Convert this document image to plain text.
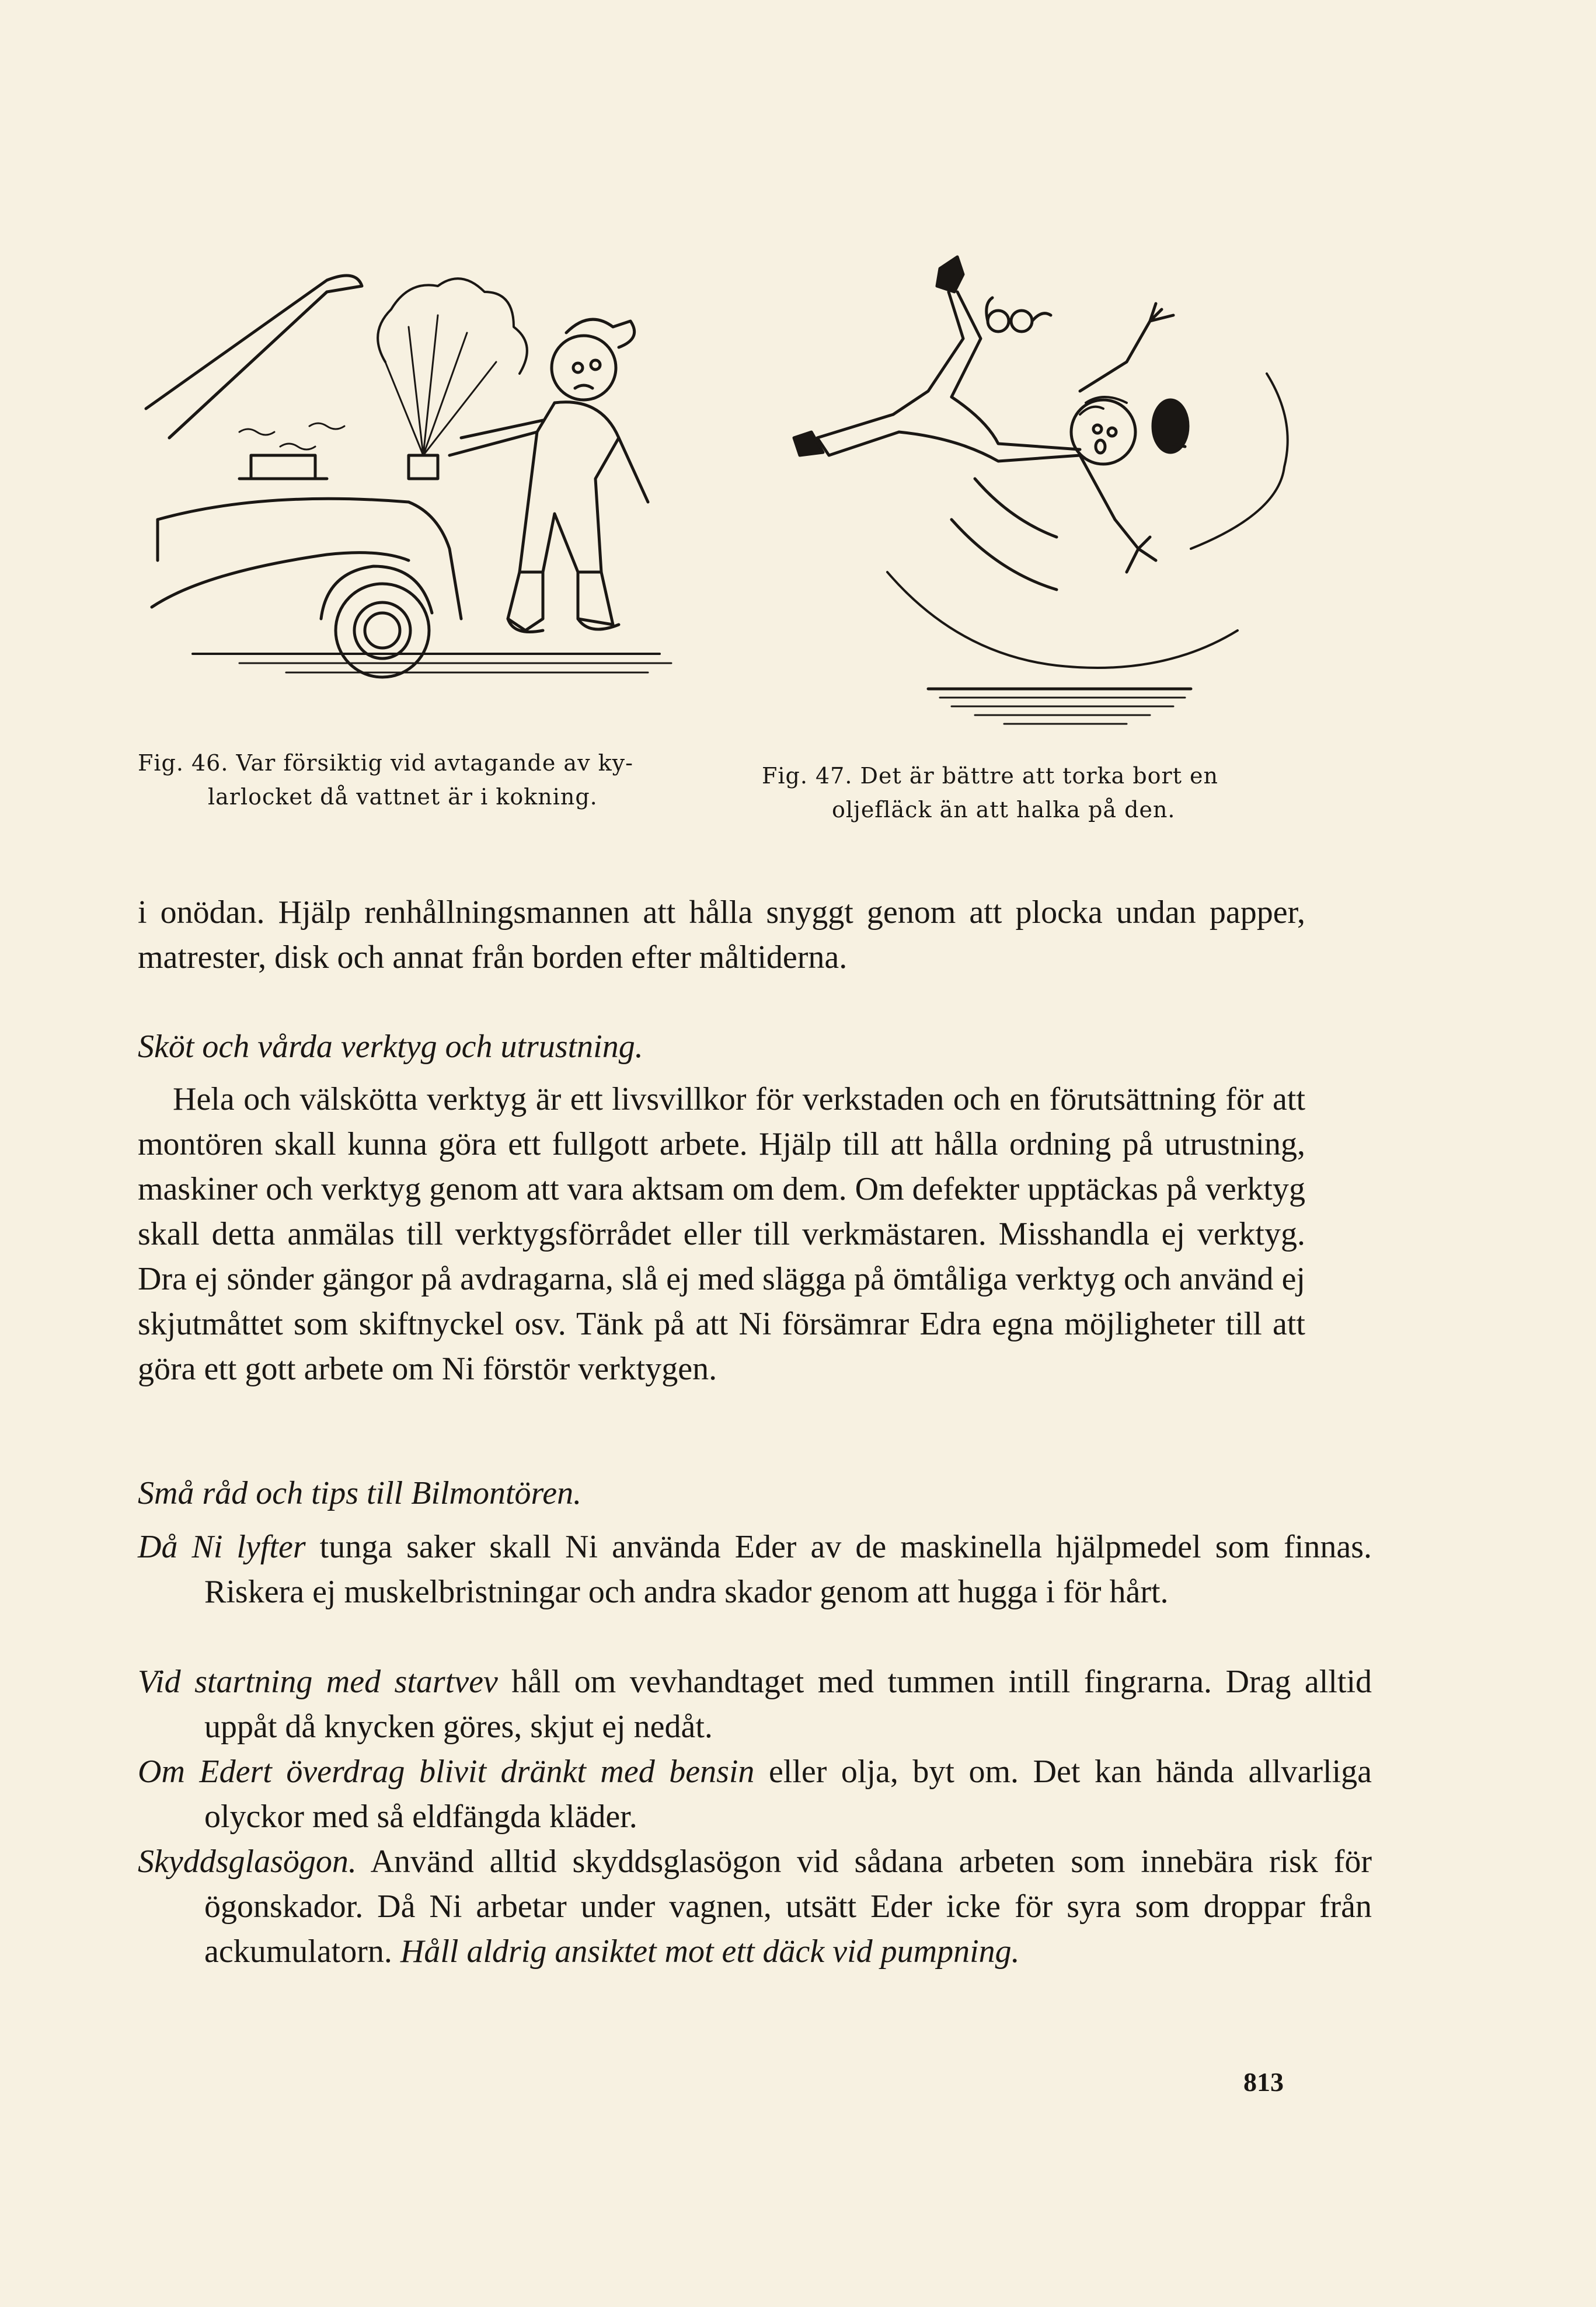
Fig. 46. Var försiktig vid avtagande av ky-
larlocket då vattnet är i kokning.

Fig. 47. Det är bättre att torka bort en
oljefläck än att halka på den.

i onödan. Hjälp renhållningsmannen att hålla snyggt genom att plocka undan papper, matrester, disk och annat från borden efter måltiderna.

Sköt och vårda verktyg och utrustning.

Hela och välskötta verktyg är ett livsvillkor för verkstaden och en förutsättning för att montören skall kunna göra ett fullgott arbete. Hjälp till att hålla ordning på utrustning, maskiner och verktyg genom att vara aktsam om dem. Om defekter upptäckas på verktyg skall detta anmälas till verktygsförrådet eller till verkmästaren. Misshandla ej verktyg. Dra ej sönder gängor på avdragarna, slå ej med slägga på ömtåliga verktyg och använd ej skjutmåttet som skiftnyckel osv. Tänk på att Ni försämrar Edra egna möjligheter till att göra ett gott arbete om Ni förstör verktygen.

Små råd och tips till Bilmontören.

Då Ni lyfter tunga saker skall Ni använda Eder av de maskinella hjälpmedel som finnas. Riskera ej muskelbristningar och andra skador genom att hugga i för hårt.

Vid startning med startvev håll om vevhandtaget med tummen intill fingrarna. Drag alltid uppåt då knycken göres, skjut ej nedåt.

Om Edert överdrag blivit dränkt med bensin eller olja, byt om. Det kan hända allvarliga olyckor med så eldfängda kläder.

Skyddsglasögon. Använd alltid skyddsglasögon vid sådana arbeten som innebära risk för ögonskador. Då Ni arbetar under vagnen, utsätt Eder icke för syra som droppar från ackumulatorn. Håll aldrig ansiktet mot ett däck vid pumpning.

813
